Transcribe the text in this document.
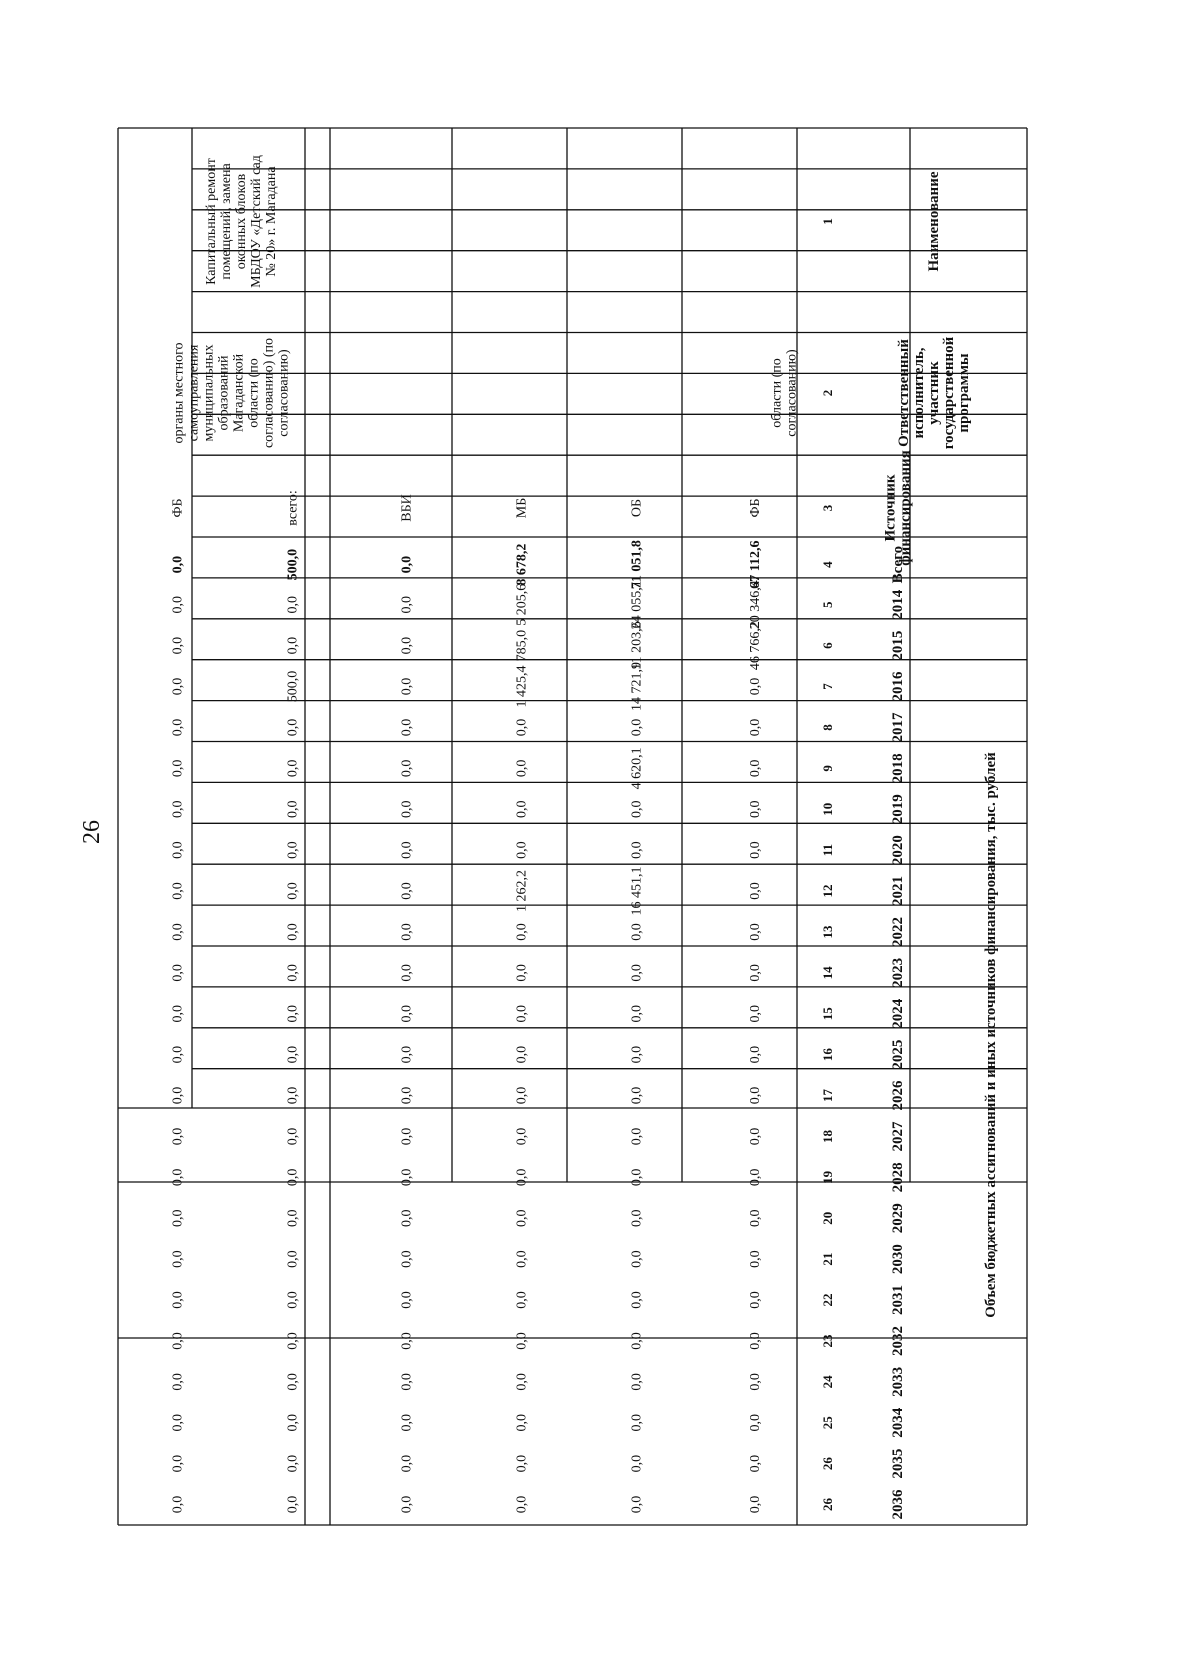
26	Объем бюджетных ассигнований и иных источников финансирования, тыс. рублей
Ответственныйисполнитель,участникгосударственнойпрограммы
Наименование
Источникфинансирования
Всего
2014
2015
2016
2017
2018
2019
2020
2021
2022
2023
2024
2025
2026
2027
2028
2029
2030
2031
2032
2033
2034
2035
2036
1
2
3
4
5
6
7
8
9
10
11
12
13
14
15
16
17
18
19
20
21
22
23
24
25
26
26
ФБ
67 112,6
20 346,4
46 766,2
0,0
0,0
0,0
0,0
0,0
0,0
0,0
0,0
0,0
0,0
0,0
0,0
0,0
0,0
0,0
0,0
0,0
0,0
0,0
0,0
0,0
ОБ
71 051,8
24 055,1
11 203,6
14 721,9
0,0
4 620,1
0,0
0,0
16 451,1
0,0
0,0
0,0
0,0
0,0
0,0
0,0
0,0
0,0
0,0
0,0
0,0
0,0
0,0
0,0
МБ
8 678,2
5 205,6
785,0
1 425,4
0,0
0,0
0,0
0,0
1 262,2
0,0
0,0
0,0
0,0
0,0
0,0
0,0
0,0
0,0
0,0
0,0
0,0
0,0
0,0
0,0
ВБИ
0,0
0,0
0,0
0,0
0,0
0,0
0,0
0,0
0,0
0,0
0,0
0,0
0,0
0,0
0,0
0,0
0,0
0,0
0,0
0,0
0,0
0,0
0,0
0,0
области (посогласованию)
всего:
500,0
0,0
0,0
500,0
0,0
0,0
0,0
0,0
0,0
0,0
0,0
0,0
0,0
0,0
0,0
0,0
0,0
0,0
0,0
0,0
0,0
0,0
0,0
0,0
ФБ
0,0
0,0
0,0
0,0
0,0
0,0
0,0
0,0
0,0
0,0
0,0
0,0
0,0
0,0
0,0
0,0
0,0
0,0
0,0
0,0
0,0
0,0
0,0
0,0
органы местногосамоуправлениямуниципальныхобразованийМагаданскойобласти (посогласованию) (посогласованию)
Капитальный ремонтпомещений, заменаоконных блоковМБДОУ «Детский сад№ 20» г. Магадана
